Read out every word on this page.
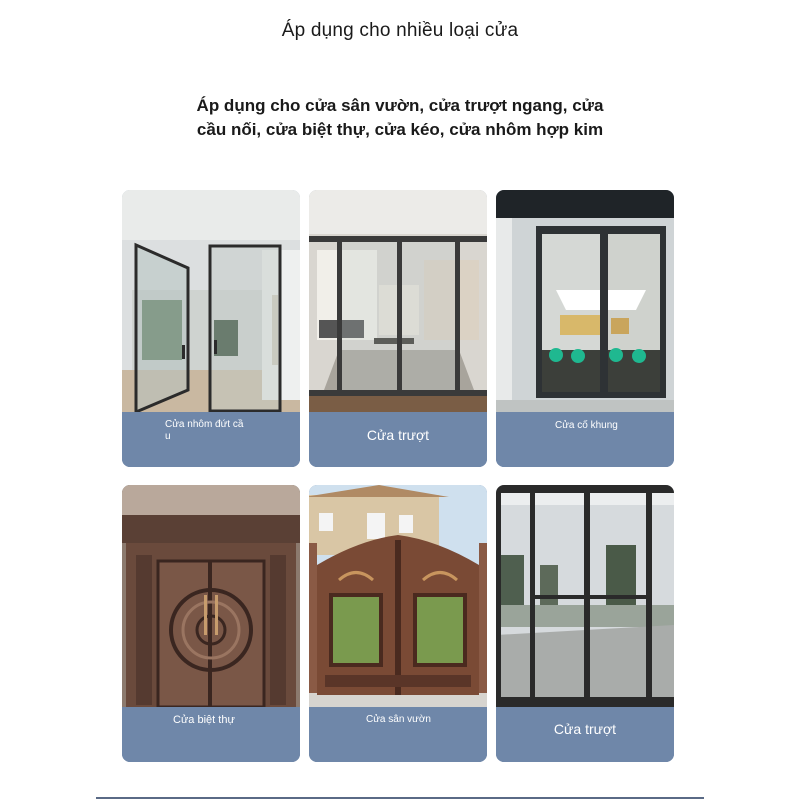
Áp dụng cho nhiều loại cửa
Áp dụng cho cửa sân vườn, cửa trượt ngang, cửa
cầu nối, cửa biệt thự, cửa kéo, cửa nhôm hợp kim
Cửa nhôm đứt cầu	Cửa trượt
Cửa cố khung
Cửa biệt thự	Cửa sân vườn
Cửa trượt
